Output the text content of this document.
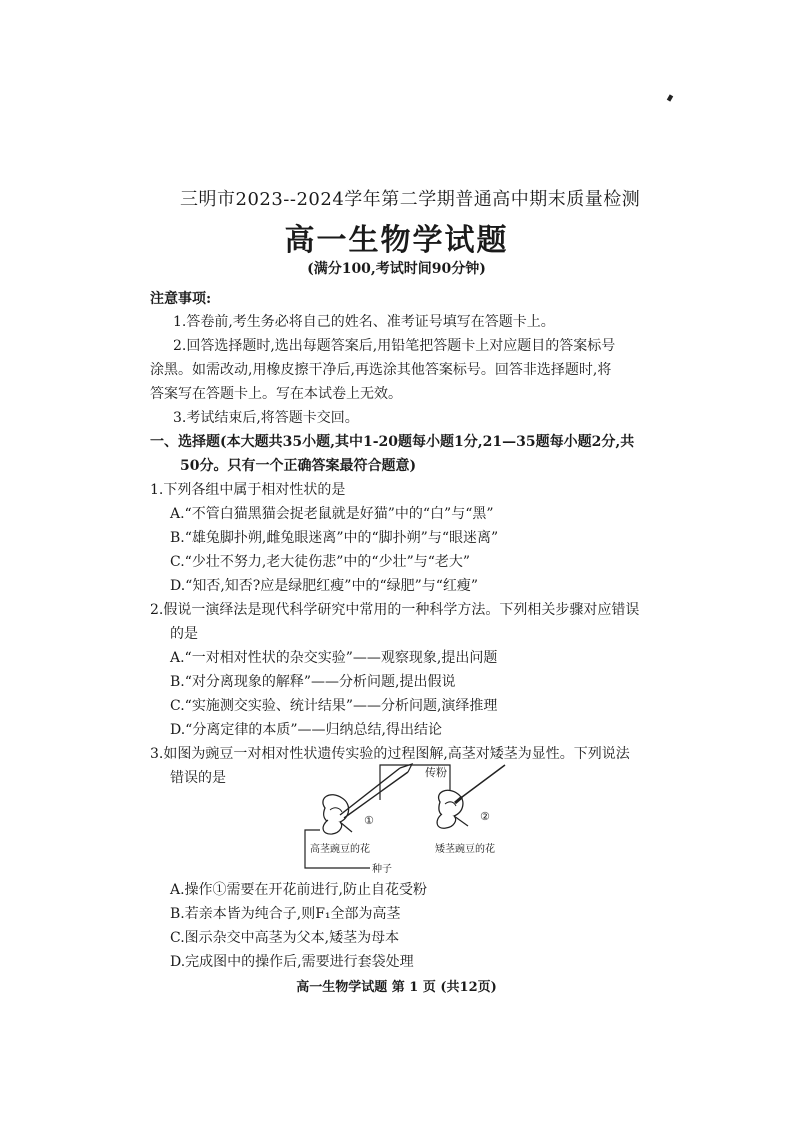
三明市2023--2024学年第二学期普通高中期末质量检测
高一生物学试题
(满分100,考试时间90分钟)
注意事项:
1.答卷前,考生务必将自己的姓名、准考证号填写在答题卡上。
2.回答选择题时,选出每题答案后,用铅笔把答题卡上对应题目的答案标号
涂黑。如需改动,用橡皮擦干净后,再选涂其他答案标号。回答非选择题时,将
答案写在答题卡上。写在本试卷上无效。
3.考试结束后,将答题卡交回。
一、选择题(本大题共35小题,其中1-20题每小题1分,21—35题每小题2分,共
50分。只有一个正确答案最符合题意)
1.下列各组中属于相对性状的是
A.“不管白猫黑猫会捉老鼠就是好猫”中的“白”与“黑”
B.“雄兔脚扑朔,雌兔眼迷离”中的“脚扑朔”与“眼迷离”
C.“少壮不努力,老大徒伤悲”中的“少壮”与“老大”
D.“知否,知否?应是绿肥红瘦”中的“绿肥”与“红瘦”
2.假说一演绎法是现代科学研究中常用的一种科学方法。下列相关步骤对应错误
的是
A.“一对相对性状的杂交实验”——观察现象,提出问题
B.“对分离现象的解释”——分析问题,提出假说
C.“实施测交实验、统计结果”——分析问题,演绎推理
D.“分离定律的本质”——归纳总结,得出结论
3.如图为豌豆一对相对性状遗传实验的过程图解,高茎对矮茎为显性。下列说法
错误的是	传粉
①	②
高茎豌豆的花	矮茎豌豆的花
种子
A.操作①需要在开花前进行,防止自花受粉
B.若亲本皆为纯合子,则F₁全部为高茎
C.图示杂交中高茎为父本,矮茎为母本
D.完成图中的操作后,需要进行套袋处理
高一生物学试题 第 1 页 (共12页)
